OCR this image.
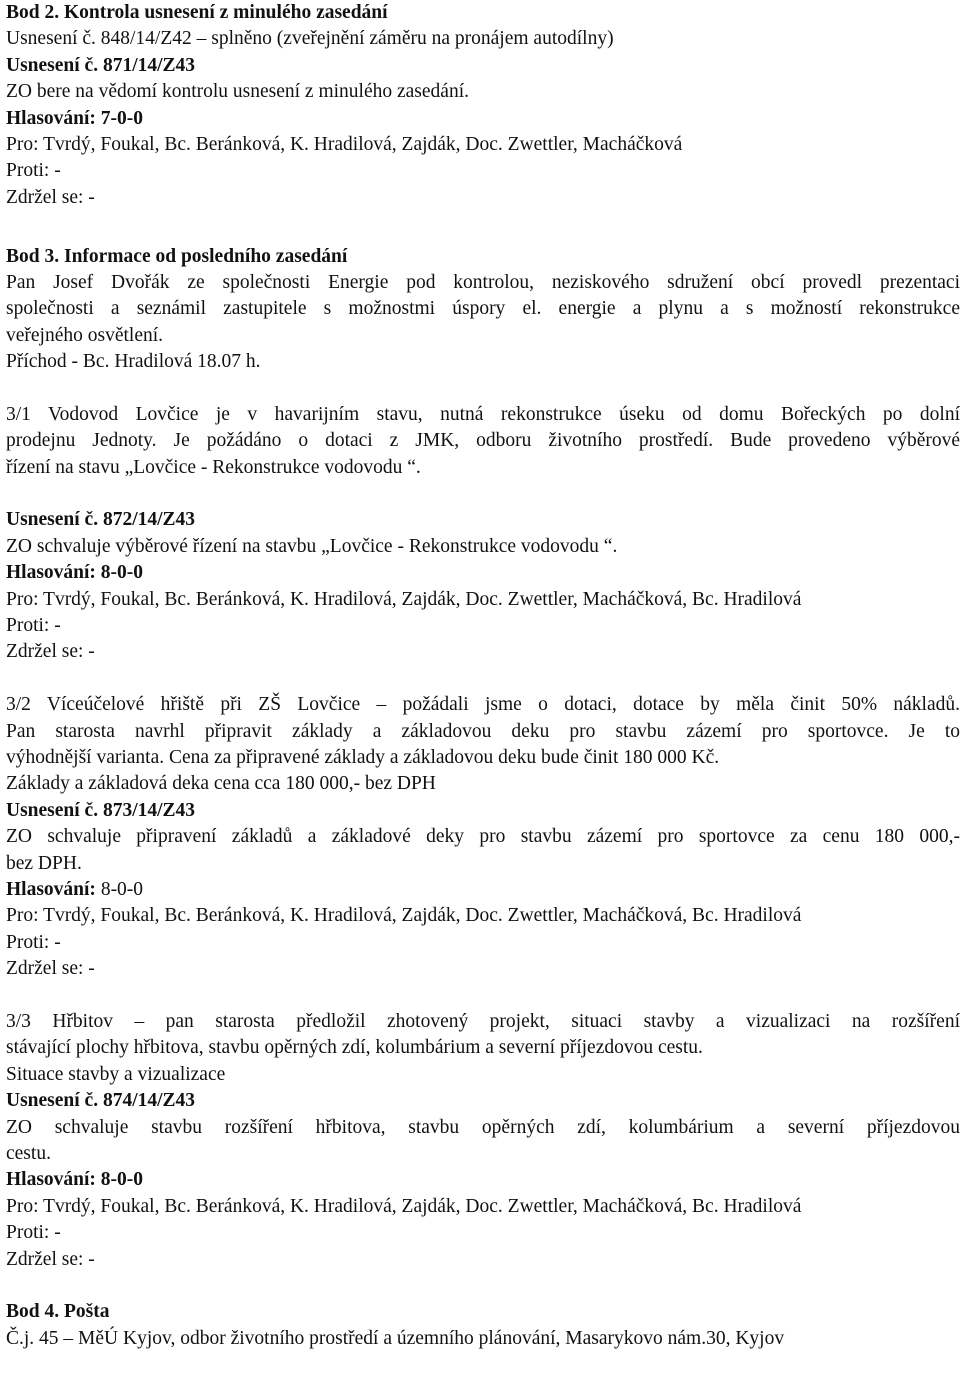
Bod 2. Kontrola usnesení z minulého zasedání
Usnesení č. 848/14/Z42 – splněno (zveřejnění záměru na pronájem autodílny)
Usnesení č. 871/14/Z43
ZO bere na vědomí kontrolu usnesení z minulého zasedání.
Hlasování: 7-0-0
Pro: Tvrdý, Foukal, Bc. Beránková, K. Hradilová, Zajdák, Doc. Zwettler, Macháčková
Proti: -
Zdržel se: -
Bod 3. Informace od posledního zasedání
Pan Josef Dvořák ze společnosti Energie pod kontrolou, neziskového sdružení obcí provedl prezentaci
společnosti a seznámil zastupitele s možnostmi úspory el. energie a plynu a s možností rekonstrukce
veřejného osvětlení.
Příchod - Bc. Hradilová 18.07 h.
3/1 Vodovod Lovčice je v havarijním stavu, nutná rekonstrukce úseku od domu Bořeckých po dolní
prodejnu Jednoty. Je požádáno o dotaci z JMK, odboru životního prostředí. Bude provedeno výběrové
řízení na stavu „Lovčice - Rekonstrukce vodovodu “.
Usnesení č. 872/14/Z43
ZO schvaluje výběrové řízení na stavbu „Lovčice - Rekonstrukce vodovodu “.
Hlasování: 8-0-0
Pro: Tvrdý, Foukal, Bc. Beránková, K. Hradilová, Zajdák, Doc. Zwettler, Macháčková, Bc. Hradilová
Proti: -
Zdržel se: -
3/2 Víceúčelové hřiště při ZŠ Lovčice – požádali jsme o dotaci, dotace by měla činit 50% nákladů.
Pan starosta navrhl připravit základy a základovou deku pro stavbu zázemí pro sportovce. Je to
výhodnější varianta. Cena za připravené základy a základovou deku bude činit 180 000 Kč.
Základy a základová deka cena cca 180 000,- bez DPH
Usnesení č. 873/14/Z43
ZO schvaluje připravení základů a základové deky pro stavbu zázemí pro sportovce za cenu 180 000,-
bez DPH.
Hlasování: 8-0-0
Pro: Tvrdý, Foukal, Bc. Beránková, K. Hradilová, Zajdák, Doc. Zwettler, Macháčková, Bc. Hradilová
Proti: -
Zdržel se: -
3/3 Hřbitov – pan starosta předložil zhotovený projekt, situaci stavby a vizualizaci na rozšíření
stávající plochy hřbitova, stavbu opěrných zdí, kolumbárium a severní příjezdovou cestu.
Situace stavby a vizualizace
Usnesení č. 874/14/Z43
ZO schvaluje stavbu rozšíření hřbitova, stavbu opěrných zdí, kolumbárium a severní příjezdovou
cestu.
Hlasování: 8-0-0
Pro: Tvrdý, Foukal, Bc. Beránková, K. Hradilová, Zajdák, Doc. Zwettler, Macháčková, Bc. Hradilová
Proti: -
Zdržel se: -
Bod 4. Pošta
Č.j. 45 – MěÚ Kyjov, odbor životního prostředí a územního plánování, Masarykovo nám.30, Kyjov
